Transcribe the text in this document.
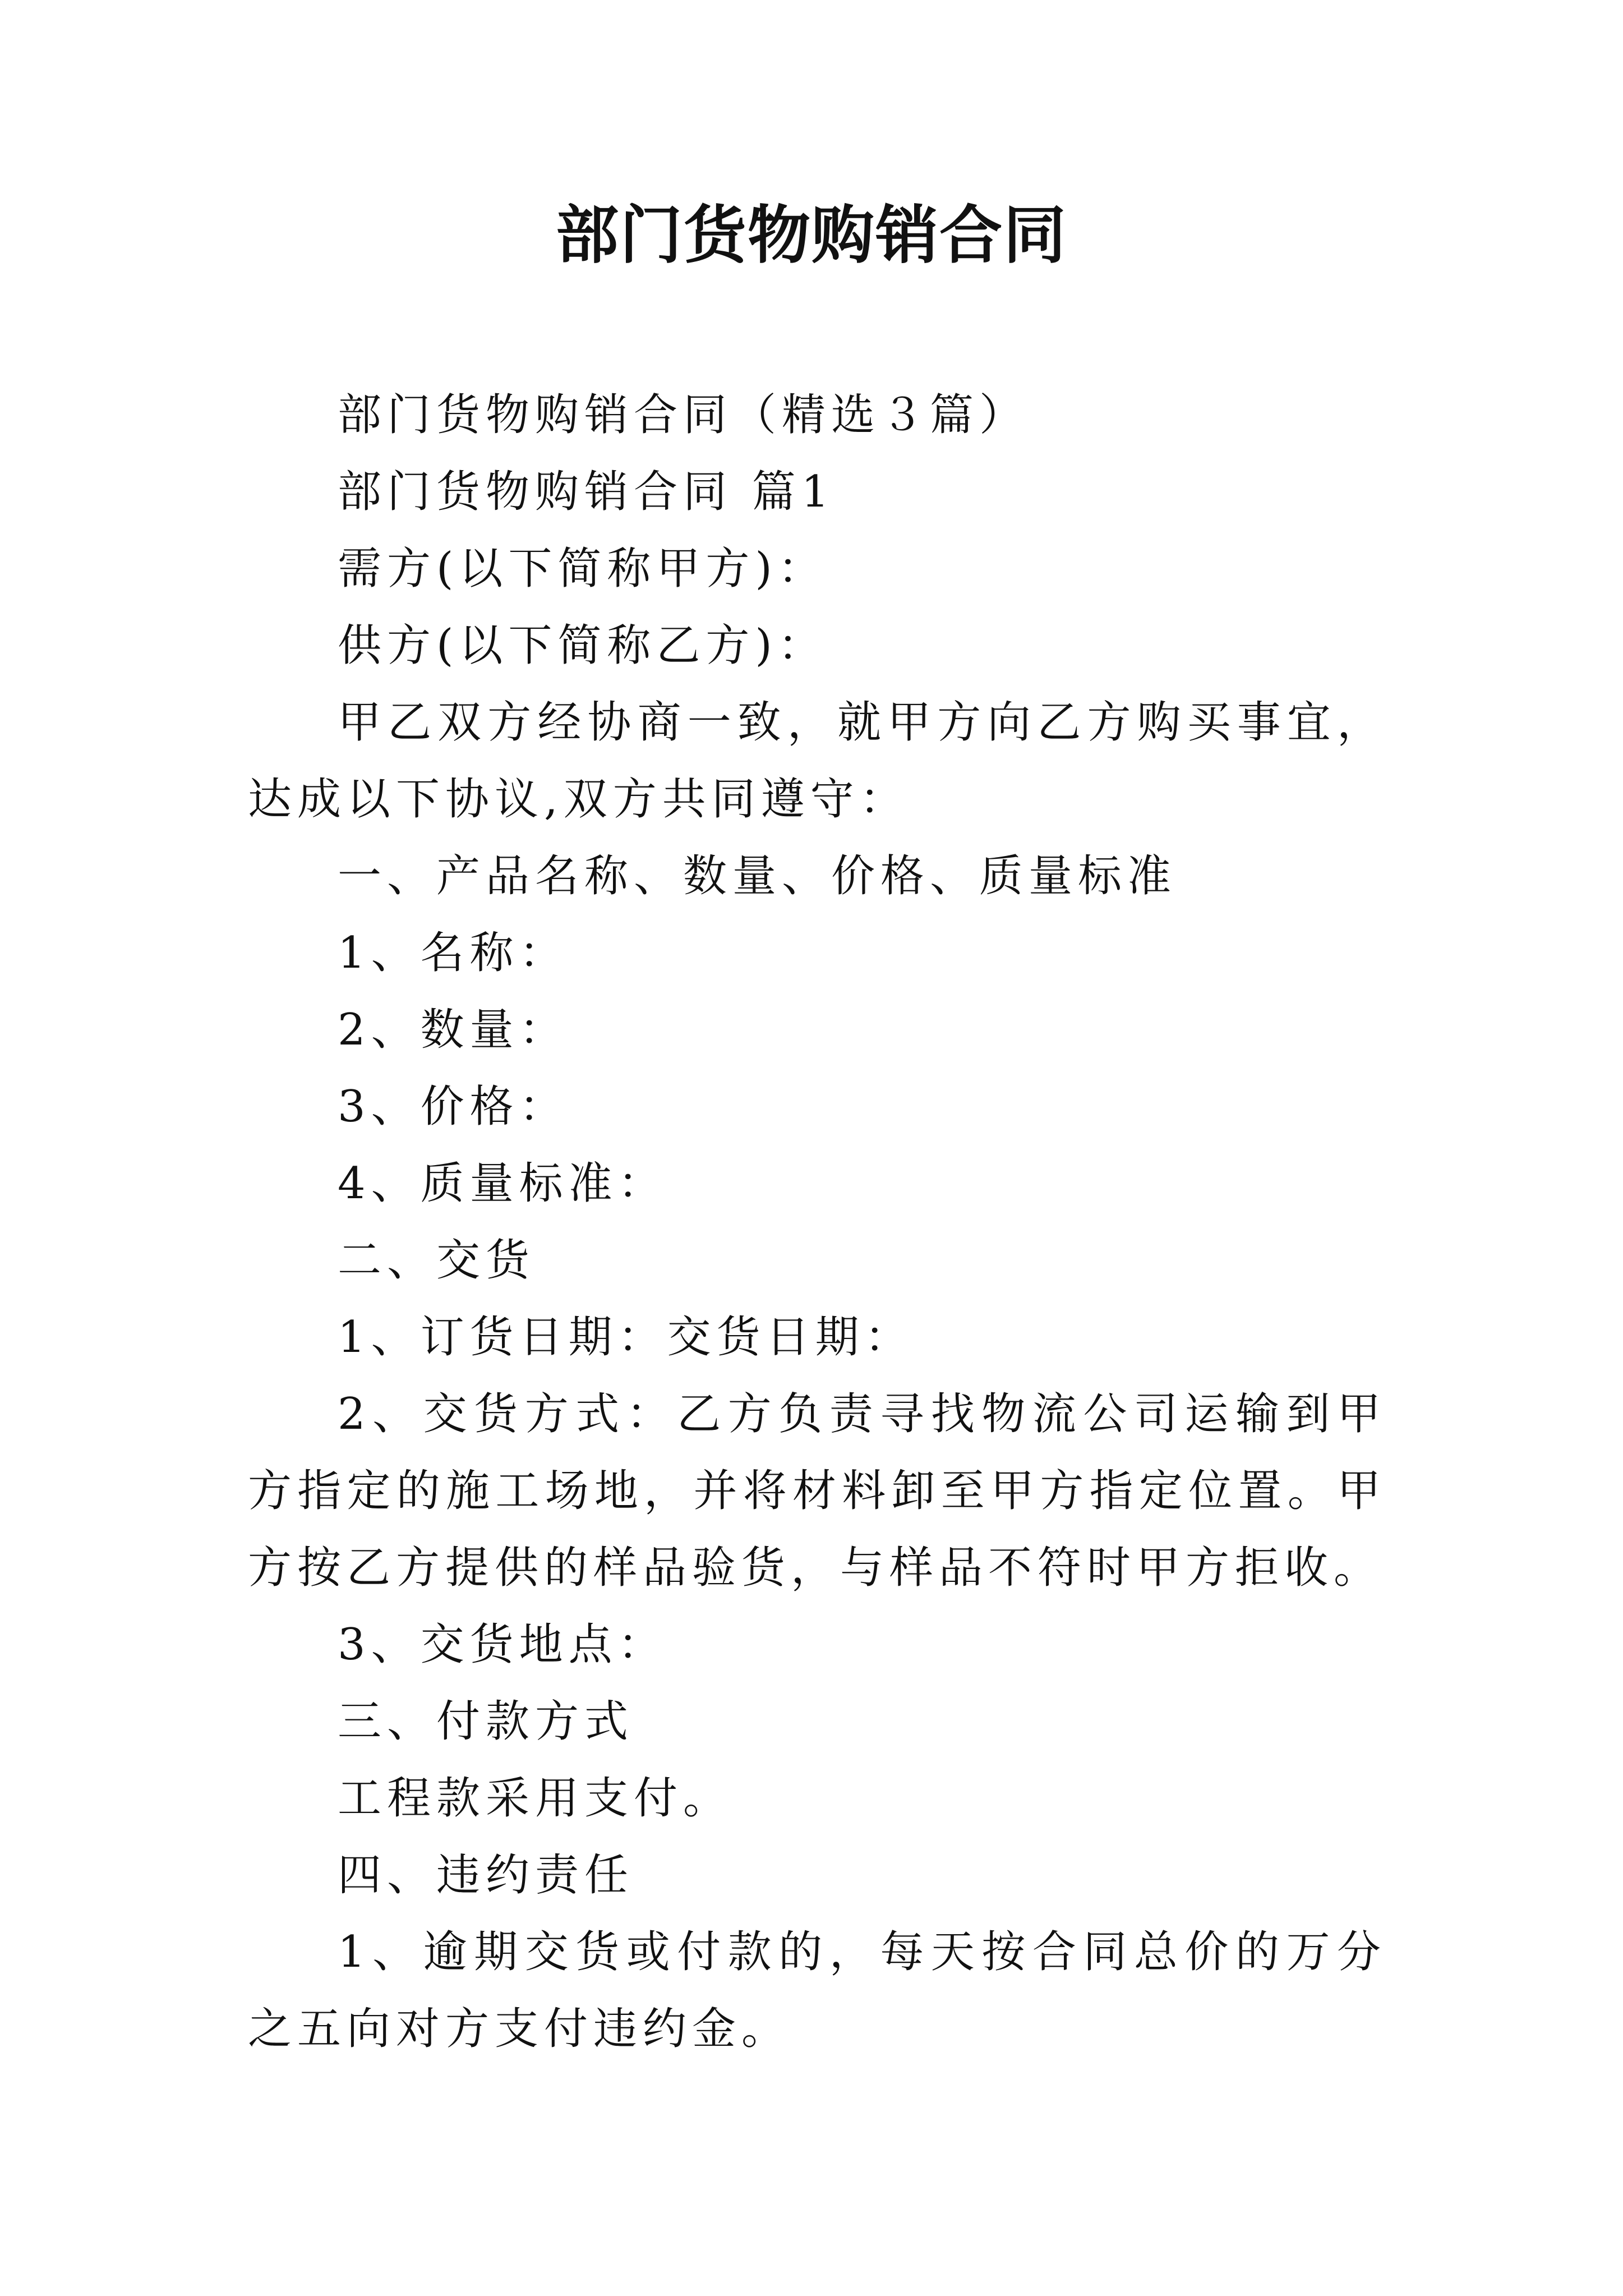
部门货物购销合同

部门货物购销合同（精选３篇）

部门货物购销合同 篇1

需方(以下简称甲方)：

供方(以下简称乙方)：

甲乙双方经协商一致，就甲方向乙方购买事宜，达成以下协议,双方共同遵守：

一、产品名称、数量、价格、质量标准

1、名称：

2、数量：

3、价格：

4、质量标准：

二、交货

1、订货日期：交货日期：

2、交货方式：乙方负责寻找物流公司运输到甲方指定的施工场地，并将材料卸至甲方指定位置。甲方按乙方提供的样品验货，与样品不符时甲方拒收。

3、交货地点：

三、付款方式

工程款采用支付。

四、违约责任

1、逾期交货或付款的，每天按合同总价的万分之五向对方支付违约金。
